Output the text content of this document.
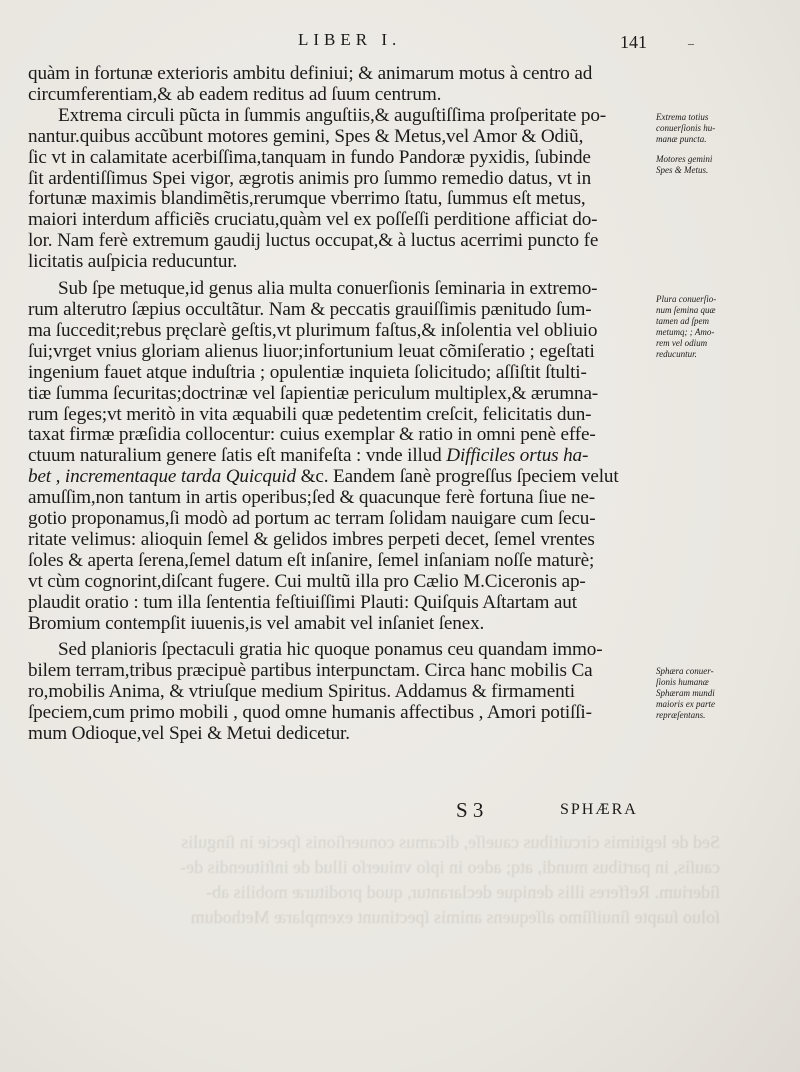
Sed de legitimis circuitibus caueſſe, dicamus conuerſionis ſpecie in ſingulis
cauſis, in partibus mundi, atq; adeo in ipſo vniuerſo illud de inſtituendis de-
ſiderium. Refferes illis denique declarantur, quod prodituræ mobilis ab-
ſoluo ſuapte ſinuiſſimo aſſequens animis ſpectinunt exemplaræ Methodum
LIBER I.	141	–
quàm in fortunæ exterioris ambitu definiui; & animarum motus à centro ad
circumferentiam,& ab eadem reditus ad ſuum centrum.
Extrema circuli pũcta in ſummis anguſtiis,& auguſtiſſima proſperitate po-
nantur.quibus accũbunt motores gemini, Spes & Metus,vel Amor & Odiũ,
ſic vt in calamitate acerbiſſima,tanquam in fundo Pandoræ pyxidis, ſubinde
ſit ardentiſſimus Spei vigor, ægrotis animis pro ſummo remedio datus, vt in
fortunæ maximis blandimẽtis,rerumque vberrimo ſtatu, ſummus eſt metus,
maiori interdum afficiẽs cruciatu,quàm vel ex poſſeſſi perditione afficiat do-
lor. Nam ferè extremum gaudij luctus occupat,& à luctus acerrimi puncto fe
licitatis auſpicia reducuntur.
Sub ſpe metuque,id genus alia multa conuerſionis ſeminaria in extremo-
rum alterutro ſæpius occultãtur. Nam & peccatis grauiſſimis pænitudo ſum-
ma ſuccedit;rebus pręclarè geſtis,vt plurimum faſtus,& inſolentia vel obliuio
ſui;vrget vnius gloriam alienus liuor;infortunium leuat cõmiſeratio ; egeſtati
ingenium fauet atque induſtria ; opulentiæ inquieta ſolicitudo; aſſiſtit ſtulti-
tiæ ſumma ſecuritas;doctrinæ vel ſapientiæ periculum multiplex,& ærumna-
rum ſeges;vt meritò in vita æquabili quæ pedetentim creſcit, felicitatis dun-
taxat firmæ præſidia collocentur: cuius exemplar & ratio in omni penè effe-
ctuum naturalium genere ſatis eſt manifeſta : vnde illud Difficiles ortus ha-
bet , incrementaque tarda Quicquid &c. Eandem ſanè progreſſus ſpeciem velut
amuſſim,non tantum in artis operibus;ſed & quacunque ferè fortuna ſiue ne-
gotio proponamus,ſi modò ad portum ac terram ſolidam nauigare cum ſecu-
ritate velimus: alioquin ſemel & gelidos imbres perpeti decet, ſemel vrentes
ſoles & aperta ſerena,ſemel datum eſt inſanire, ſemel inſaniam noſſe maturè;
vt cùm cognorint,diſcant fugere. Cui multũ illa pro Cælio M.Ciceronis ap-
plaudit oratio : tum illa ſententia feſtiuiſſimi Plauti: Quiſquis Aſtartam aut
Bromium contempſit iuuenis,is vel amabit vel inſaniet ſenex.
Sed planioris ſpectaculi gratia hic quoque ponamus ceu quandam immo-
bilem terram,tribus præcipuè partibus interpunctam. Circa hanc mobilis Ca
ro,mobilis Anima, & vtriuſque medium Spiritus. Addamus & firmamenti
ſpeciem,cum primo mobili , quod omne humanis affectibus , Amori potiſſi-
mum Odioque,vel Spei & Metui dedicetur.
Extrema totius
conuerſionis hu-
manæ puncta.
Motores gemini
Spes & Metus.
Plura conuerſio-
num ſemina quæ
tamen ad ſpem
metumq; ; Amo-
rem vel odium
reducuntur.
Sphæra conuer-
ſionis humanæ
Sphæram mundi
maioris ex parte
repræſentans.
S 3	SPHÆRA
